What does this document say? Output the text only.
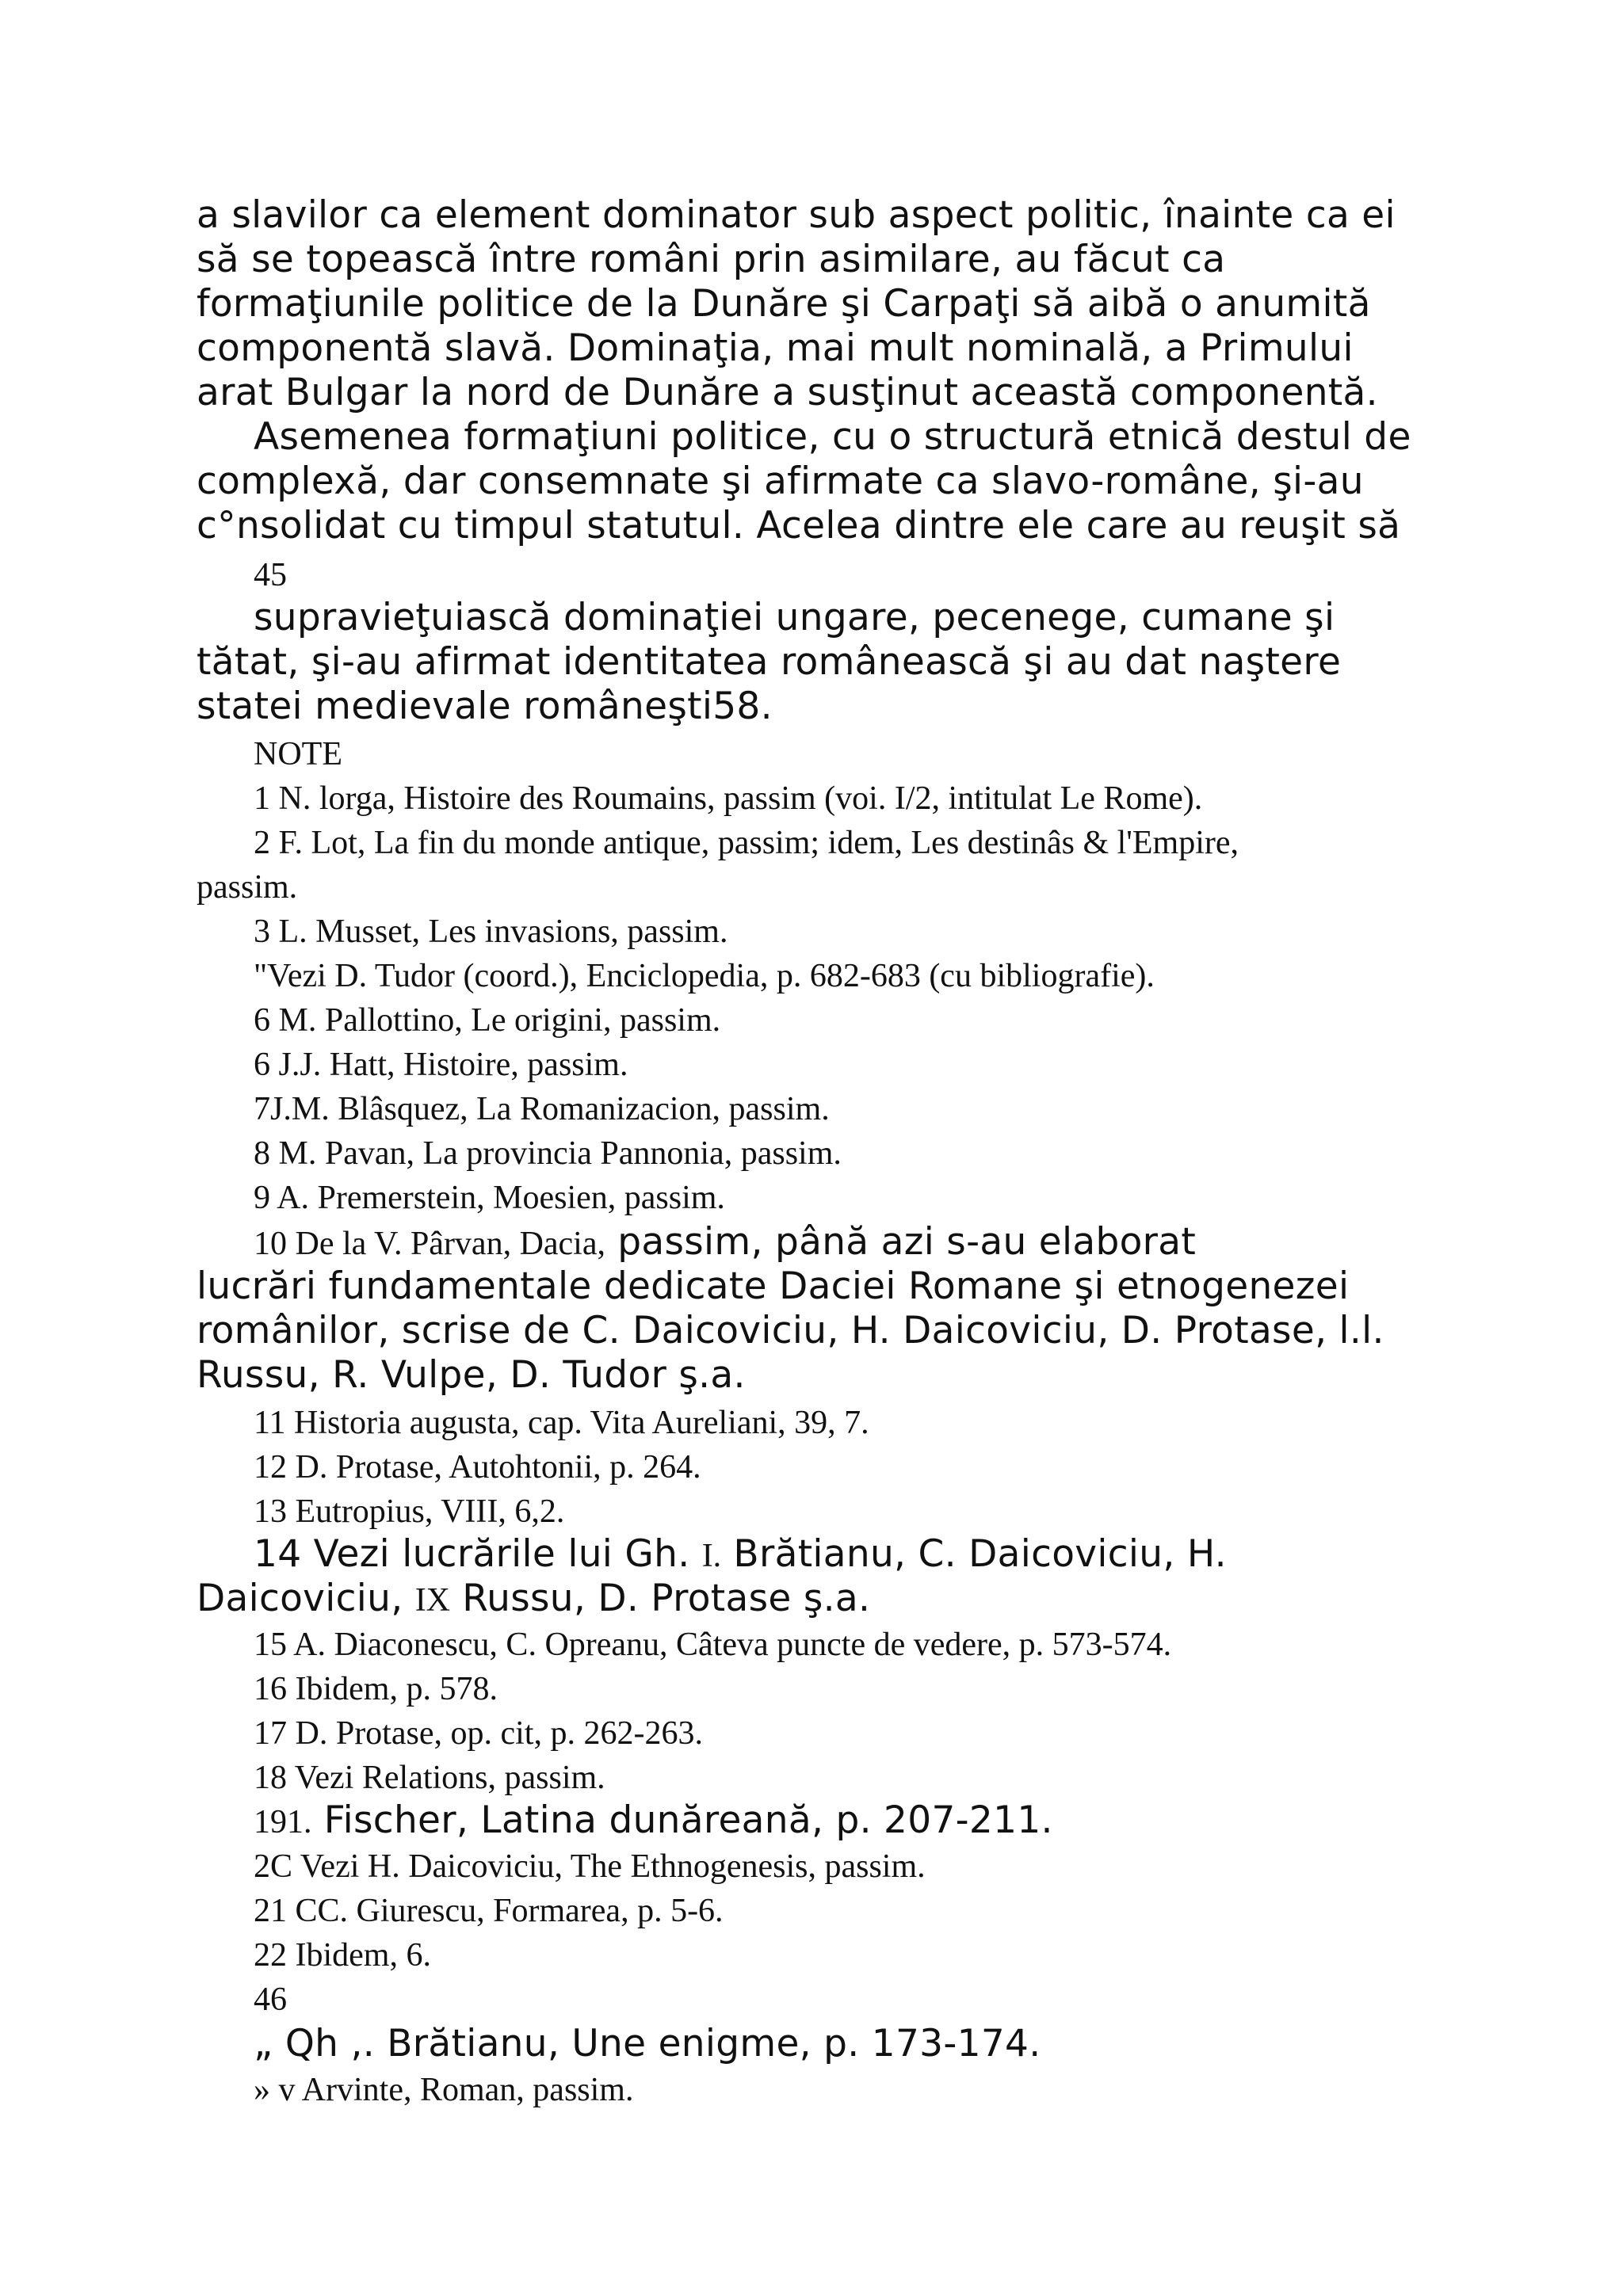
a slavilor ca element dominator sub aspect politic, înainte ca ei
să se topească între români prin asimilare, au făcut ca
formaţiunile politice de la Dunăre şi Carpaţi să aibă o anumită
componentă slavă. Dominaţia, mai mult nominală, a Primului
arat Bulgar la nord de Dunăre a susţinut această componentă.
Asemenea formaţiuni politice, cu o structură etnică destul de
complexă, dar consemnate şi afirmate ca slavo-române, şi-au
c°nsolidat cu timpul statutul. Acelea dintre ele care au reuşit să
45
supravieţuiască dominaţiei ungare, pecenege, cumane şi
tătat, şi-au afirmat identitatea românească şi au dat naştere
statei medievale româneşti58.
NOTE
1 N. lorga, Histoire des Roumains, passim (voi. I/2, intitulat Le Rome).
2 F. Lot, La fin du monde antique, passim; idem, Les destinâs & l'Empire,
passim.
3 L. Musset, Les invasions, passim.
"Vezi D. Tudor (coord.), Enciclopedia, p. 682-683 (cu bibliografie).
6 M. Pallottino, Le origini, passim.
6 J.J. Hatt, Histoire, passim.
7J.M. Blâsquez, La Romanizacion, passim.
8 M. Pavan, La provincia Pannonia, passim.
9 A. Premerstein, Moesien, passim.
10 De la V. Pârvan, Dacia, passim, până azi s-au elaborat
lucrări fundamentale dedicate Daciei Romane şi etnogenezei
românilor, scrise de C. Daicoviciu, H. Daicoviciu, D. Protase, l.l.
Russu, R. Vulpe, D. Tudor ş.a.
11 Historia augusta, cap. Vita Aureliani, 39, 7.
12 D. Protase, Autohtonii, p. 264.
13 Eutropius, VIII, 6,2.
14 Vezi lucrările lui Gh. I. Brătianu, C. Daicoviciu, H.
Daicoviciu, IX Russu, D. Protase ş.a.
15 A. Diaconescu, C. Opreanu, Câteva puncte de vedere, p. 573-574.
16 Ibidem, p. 578.
17 D. Protase, op. cit, p. 262-263.
18 Vezi Relations, passim.
191. Fischer, Latina dunăreană, p. 207-211.
2C Vezi H. Daicoviciu, The Ethnogenesis, passim.
21 CC. Giurescu, Formarea, p. 5-6.
22 Ibidem, 6.
46
„ Qh ,. Brătianu, Une enigme, p. 173-174.
» v Arvinte, Roman, passim.
